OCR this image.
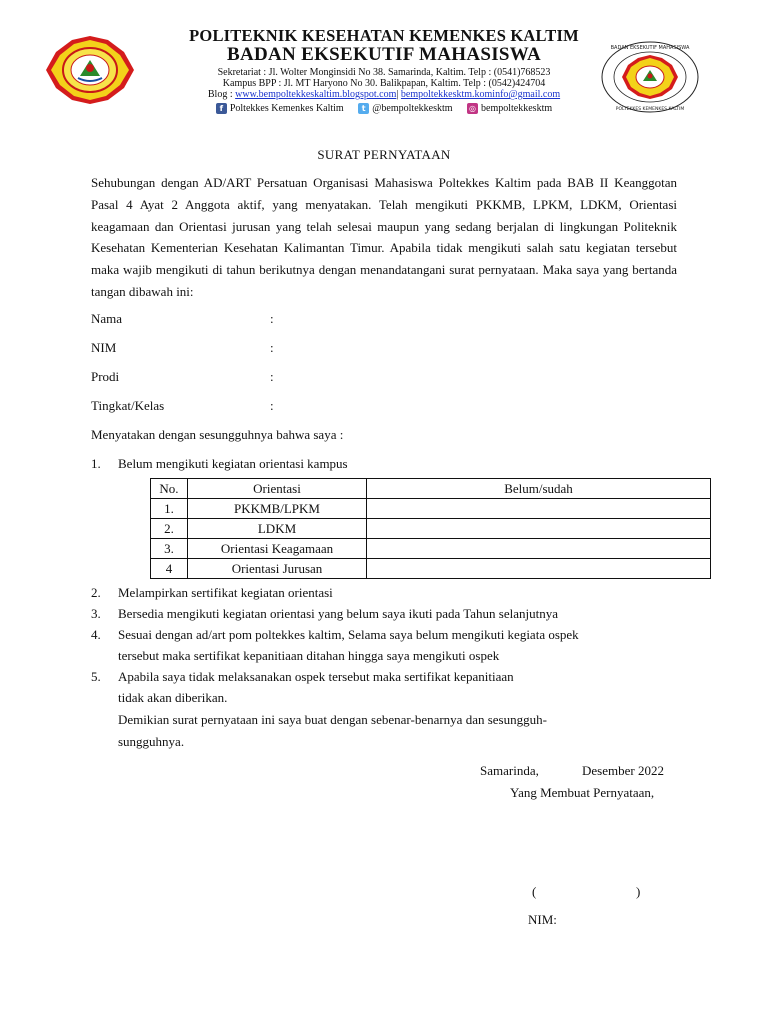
BADAN EKSEKUTIF MAHASISWA
POLTEKKES KEMENKES KALTIM
POLITEKNIK KESEHATAN KEMENKES KALTIM
BADAN EKSEKUTIF MAHASISWA
Sekretariat : Jl. Wolter Monginsidi No 38. Samarinda, Kaltim. Telp : (0541)768523
Kampus BPP : Jl. MT Haryono No 30. Balikpapan, Kaltim. Telp : (0542)424704
Blog : www.bempoltekkeskaltim.blogspot.com| bempoltekkesktm.kominfo@gmail.com
f Poltekkes Kemenkes Kaltim
	t @bempoltekkesktm
◎ bempoltekkesktm
SURAT PERNYATAAN
Sehubungan dengan AD/ART Persatuan Organisasi Mahasiswa Poltekkes Kaltim pada BAB II Keanggotan Pasal 4 Ayat 2 Anggota aktif, yang menyatakan. Telah mengikuti PKKMB, LPKM, LDKM, Orientasi keagamaan dan Orientasi jurusan yang telah selesai maupun yang sedang berjalan di lingkungan Politeknik Kesehatan Kementerian Kesehatan Kalimantan Timur. Apabila tidak mengikuti salah satu kegiatan tersebut maka wajib mengikuti di tahun berikutnya dengan menandatangani surat pernyataan. Maka saya yang bertanda tangan dibawah ini:
Nama	:
NIM	:
Prodi	:
Tingkat/Kelas	:
Menyatakan dengan sesungguhnya bahwa saya :
1. Belum mengikuti kegiatan orientasi kampus
No.	Orientasi	Belum/sudah
1.	PKKMB/LPKM	
2.	LDKM	
3.	Orientasi Keagamaan	
4	Orientasi Jurusan	
2. Melampirkan sertifikat kegiatan orientasi
3. Bersedia mengikuti kegiatan orientasi yang belum saya ikuti pada Tahun selanjutnya
4. Sesuai dengan ad/art pom poltekkes kaltim, Selama saya belum mengikuti kegiata ospek
tersebut maka sertifikat kepanitiaan ditahan hingga saya mengikuti ospek
5. Apabila saya tidak melaksanakan ospek tersebut maka sertifikat kepanitiaan
tidak akan diberikan.
Demikian surat pernyataan ini saya buat dengan sebenar-benarnya dan sesungguh-
sungguhnya.
Samarinda,	Desember 2022
Yang Membuat Pernyataan,
(	)
NIM:
